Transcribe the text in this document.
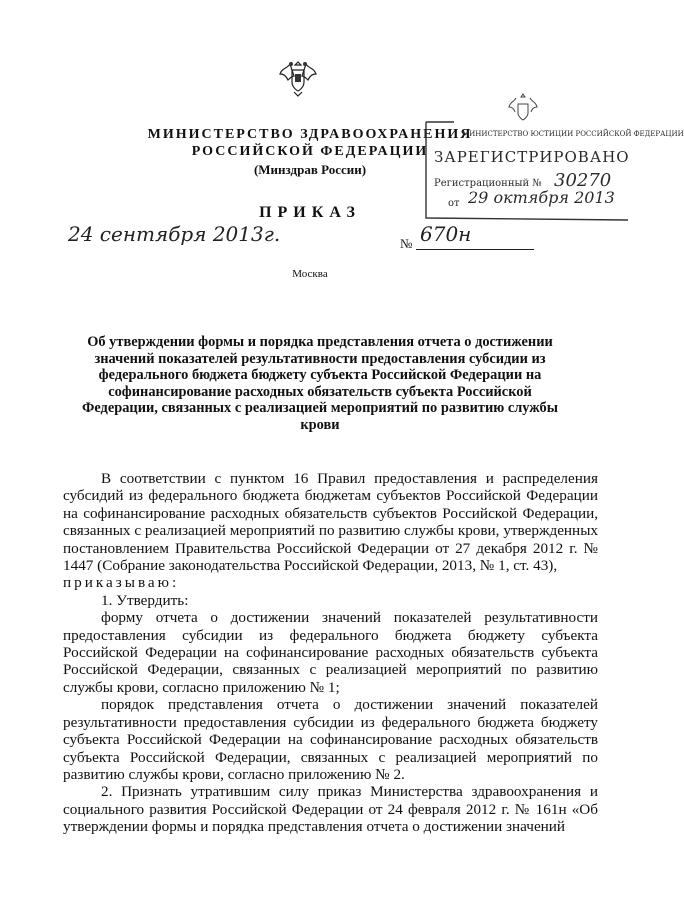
МИНИСТЕРСТВО ЗДРАВООХРАНЕНИЯ
РОССИЙСКОЙ ФЕДЕРАЦИИ
(Минздрав России)
МИНИСТЕРСТВО ЮСТИЦИИ РОССИЙСКОЙ ФЕДЕРАЦИИ
ЗАРЕГИСТРИРОВАНО
Регистрационный № 30270
от 29 октября 2013
ПРИКАЗ
24 сентября 2013г.	№ 670н
Москва
Об утверждении формы и порядка представления отчета о достижении значений показателей результативности предоставления субсидии из федерального бюджета бюджету субъекта Российской Федерации на софинансирование расходных обязательств субъекта Российской Федерации, связанных с реализацией мероприятий по развитию службы крови

В соответствии с пунктом 16 Правил предоставления и распределения субсидий из федерального бюджета бюджетам субъектов Российской Федерации на софинансирование расходных обязательств субъектов Российской Федерации, связанных с реализацией мероприятий по развитию службы крови, утвержденных постановлением Правительства Российской Федерации от 27 декабря 2012 г. № 1447 (Собрание законодательства Российской Федерации, 2013, № 1, ст. 43),

приказываю:

1. Утвердить:

форму отчета о достижении значений показателей результативности предоставления субсидии из федерального бюджета бюджету субъекта Российской Федерации на софинансирование расходных обязательств субъекта Российской Федерации, связанных с реализацией мероприятий по развитию службы крови, согласно приложению № 1;

порядок представления отчета о достижении значений показателей результативности предоставления субсидии из федерального бюджета бюджету субъекта Российской Федерации на софинансирование расходных обязательств субъекта Российской Федерации, связанных с реализацией мероприятий по развитию службы крови, согласно приложению № 2.

2. Признать утратившим силу приказ Министерства здравоохранения и социального развития Российской Федерации от 24 февраля 2012 г. № 161н «Об утверждении формы и порядка представления отчета о достижении значений
